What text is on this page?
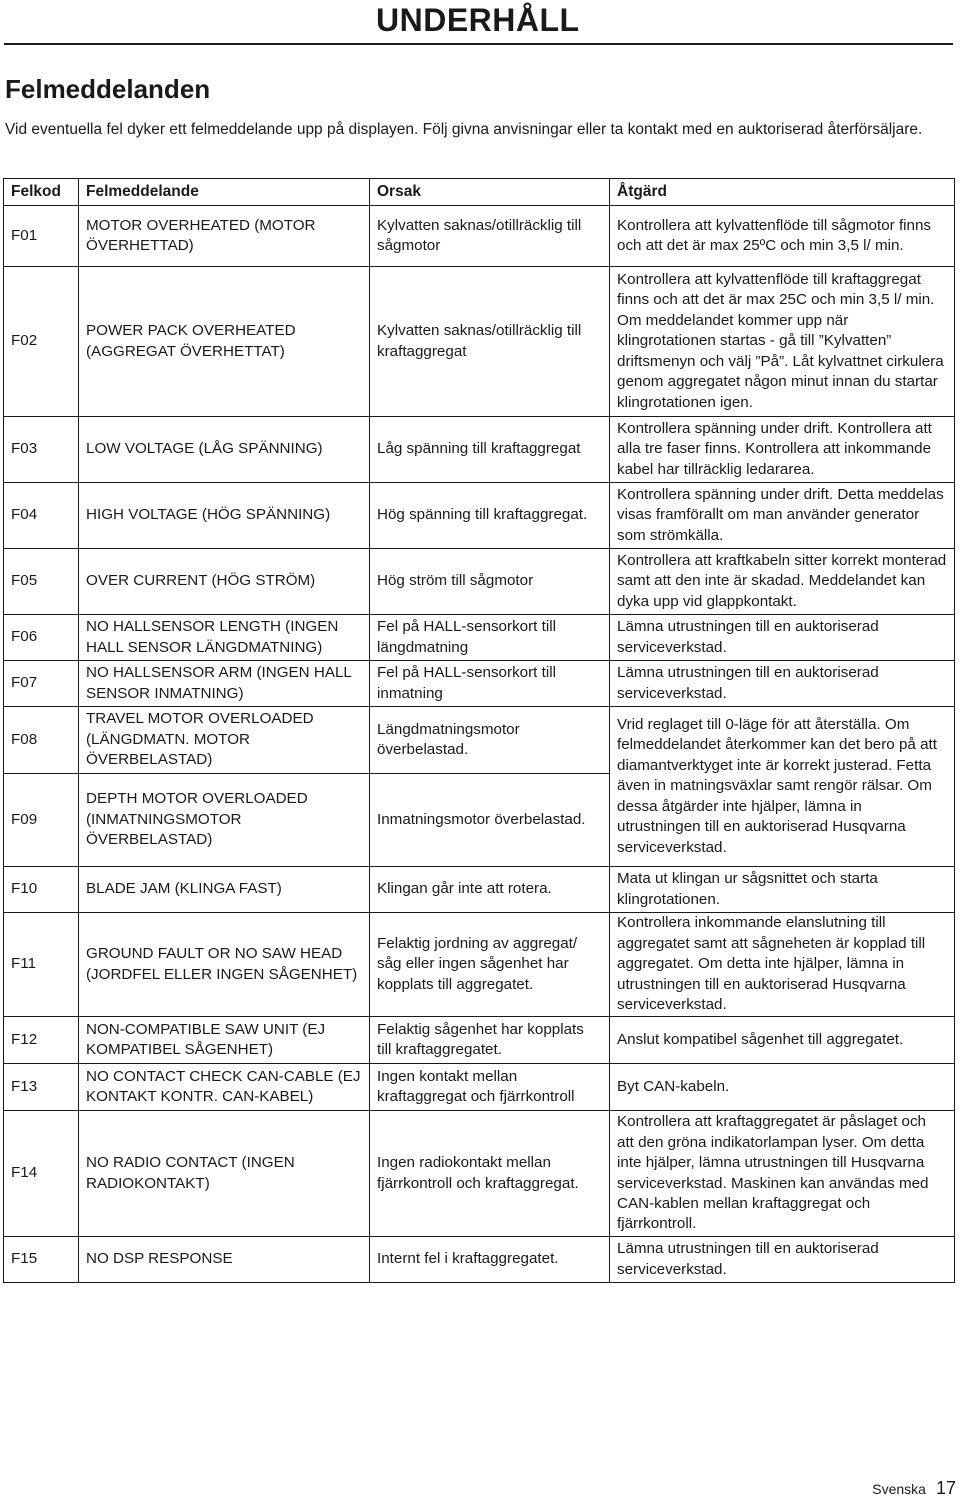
UNDERHÅLL
Felmeddelanden
Vid eventuella fel dyker ett felmeddelande upp på displayen. Följ givna anvisningar eller ta kontakt med en auktoriserad återförsäljare.
Felkod	Felmeddelande	Orsak	Åtgärd
F01	MOTOR OVERHEATED (MOTOR ÖVERHETTAD)	Kylvatten saknas/otillräcklig till sågmotor	Kontrollera att kylvattenflöde till sågmotor finns och att det är max 25ºC och min 3,5 l/ min.
F02	POWER PACK OVERHEATED (AGGREGAT ÖVERHETTAT)	Kylvatten saknas/otillräcklig till kraftaggregat	Kontrollera att kylvattenflöde till kraftaggregat finns och att det är max 25C och min 3,5 l/ min. Om meddelandet kommer upp när klingrotationen startas - gå till ”Kylvatten” driftsmenyn och välj ”På”. Låt kylvattnet cirkulera genom aggregatet någon minut innan du startar klingrotationen igen.
F03	LOW VOLTAGE (LÅG SPÄNNING)	Låg spänning till kraftaggregat	Kontrollera spänning under drift. Kontrollera att alla tre faser finns. Kontrollera att inkommande kabel har tillräcklig ledararea.
F04	HIGH VOLTAGE (HÖG SPÄNNING)	Hög spänning till kraftaggregat.	Kontrollera spänning under drift. Detta meddelas visas framförallt om man använder generator som strömkälla.
F05	OVER CURRENT (HÖG STRÖM)	Hög ström till sågmotor	Kontrollera att kraftkabeln sitter korrekt monterad samt att den inte är skadad. Meddelandet kan dyka upp vid glappkontakt.
F06	NO HALLSENSOR LENGTH (INGEN HALL SENSOR LÄNGDMATNING)	Fel på HALL-sensorkort till längdmatning	Lämna utrustningen till en auktoriserad serviceverkstad.
F07	NO HALLSENSOR ARM (INGEN HALL SENSOR INMATNING)	Fel på HALL-sensorkort till inmatning	Lämna utrustningen till en auktoriserad serviceverkstad.
F08	TRAVEL MOTOR OVERLOADED (LÄNGDMATN. MOTOR ÖVERBELASTAD)	Längdmatningsmotor överbelastad.	Vrid reglaget till 0-läge för att återställa. Om felmeddelandet återkommer kan det bero på att diamantverktyget inte är korrekt justerad. Fetta även in matningsväxlar samt rengör rälsar. Om dessa åtgärder inte hjälper, lämna in utrustningen till en auktoriserad Husqvarna serviceverkstad.
F09	DEPTH MOTOR OVERLOADED (INMATNINGSMOTOR ÖVERBELASTAD)	Inmatningsmotor överbelastad.	
F10	BLADE JAM (KLINGA FAST)	Klingan går inte att rotera.	Mata ut klingan ur sågsnittet och starta klingrotationen.
F11	GROUND FAULT OR NO SAW HEAD (JORDFEL ELLER INGEN SÅGENHET)	Felaktig jordning av aggregat/ såg eller ingen sågenhet har kopplats till aggregatet.	Kontrollera inkommande elanslutning till aggregatet samt att sågneheten är kopplad till aggregatet. Om detta inte hjälper, lämna in utrustningen till en auktoriserad Husqvarna serviceverkstad.
F12	NON-COMPATIBLE SAW UNIT (EJ KOMPATIBEL SÅGENHET)	Felaktig sågenhet har kopplats till kraftaggregatet.	Anslut kompatibel sågenhet till aggregatet.
F13	NO CONTACT CHECK CAN-CABLE (EJ KONTAKT KONTR. CAN-KABEL)	Ingen kontakt mellan kraftaggregat och fjärrkontroll	Byt CAN-kabeln.
F14	NO RADIO CONTACT (INGEN RADIOKONTAKT)	Ingen radiokontakt mellan fjärrkontroll och kraftaggregat.	Kontrollera att kraftaggregatet är påslaget och att den gröna indikatorlampan lyser. Om detta inte hjälper, lämna utrustningen till Husqvarna serviceverkstad. Maskinen kan användas med CAN-kablen mellan kraftaggregat och fjärrkontroll.
F15	NO DSP RESPONSE	Internt fel i kraftaggregatet.	Lämna utrustningen till en auktoriserad serviceverkstad.
Svenska 17
